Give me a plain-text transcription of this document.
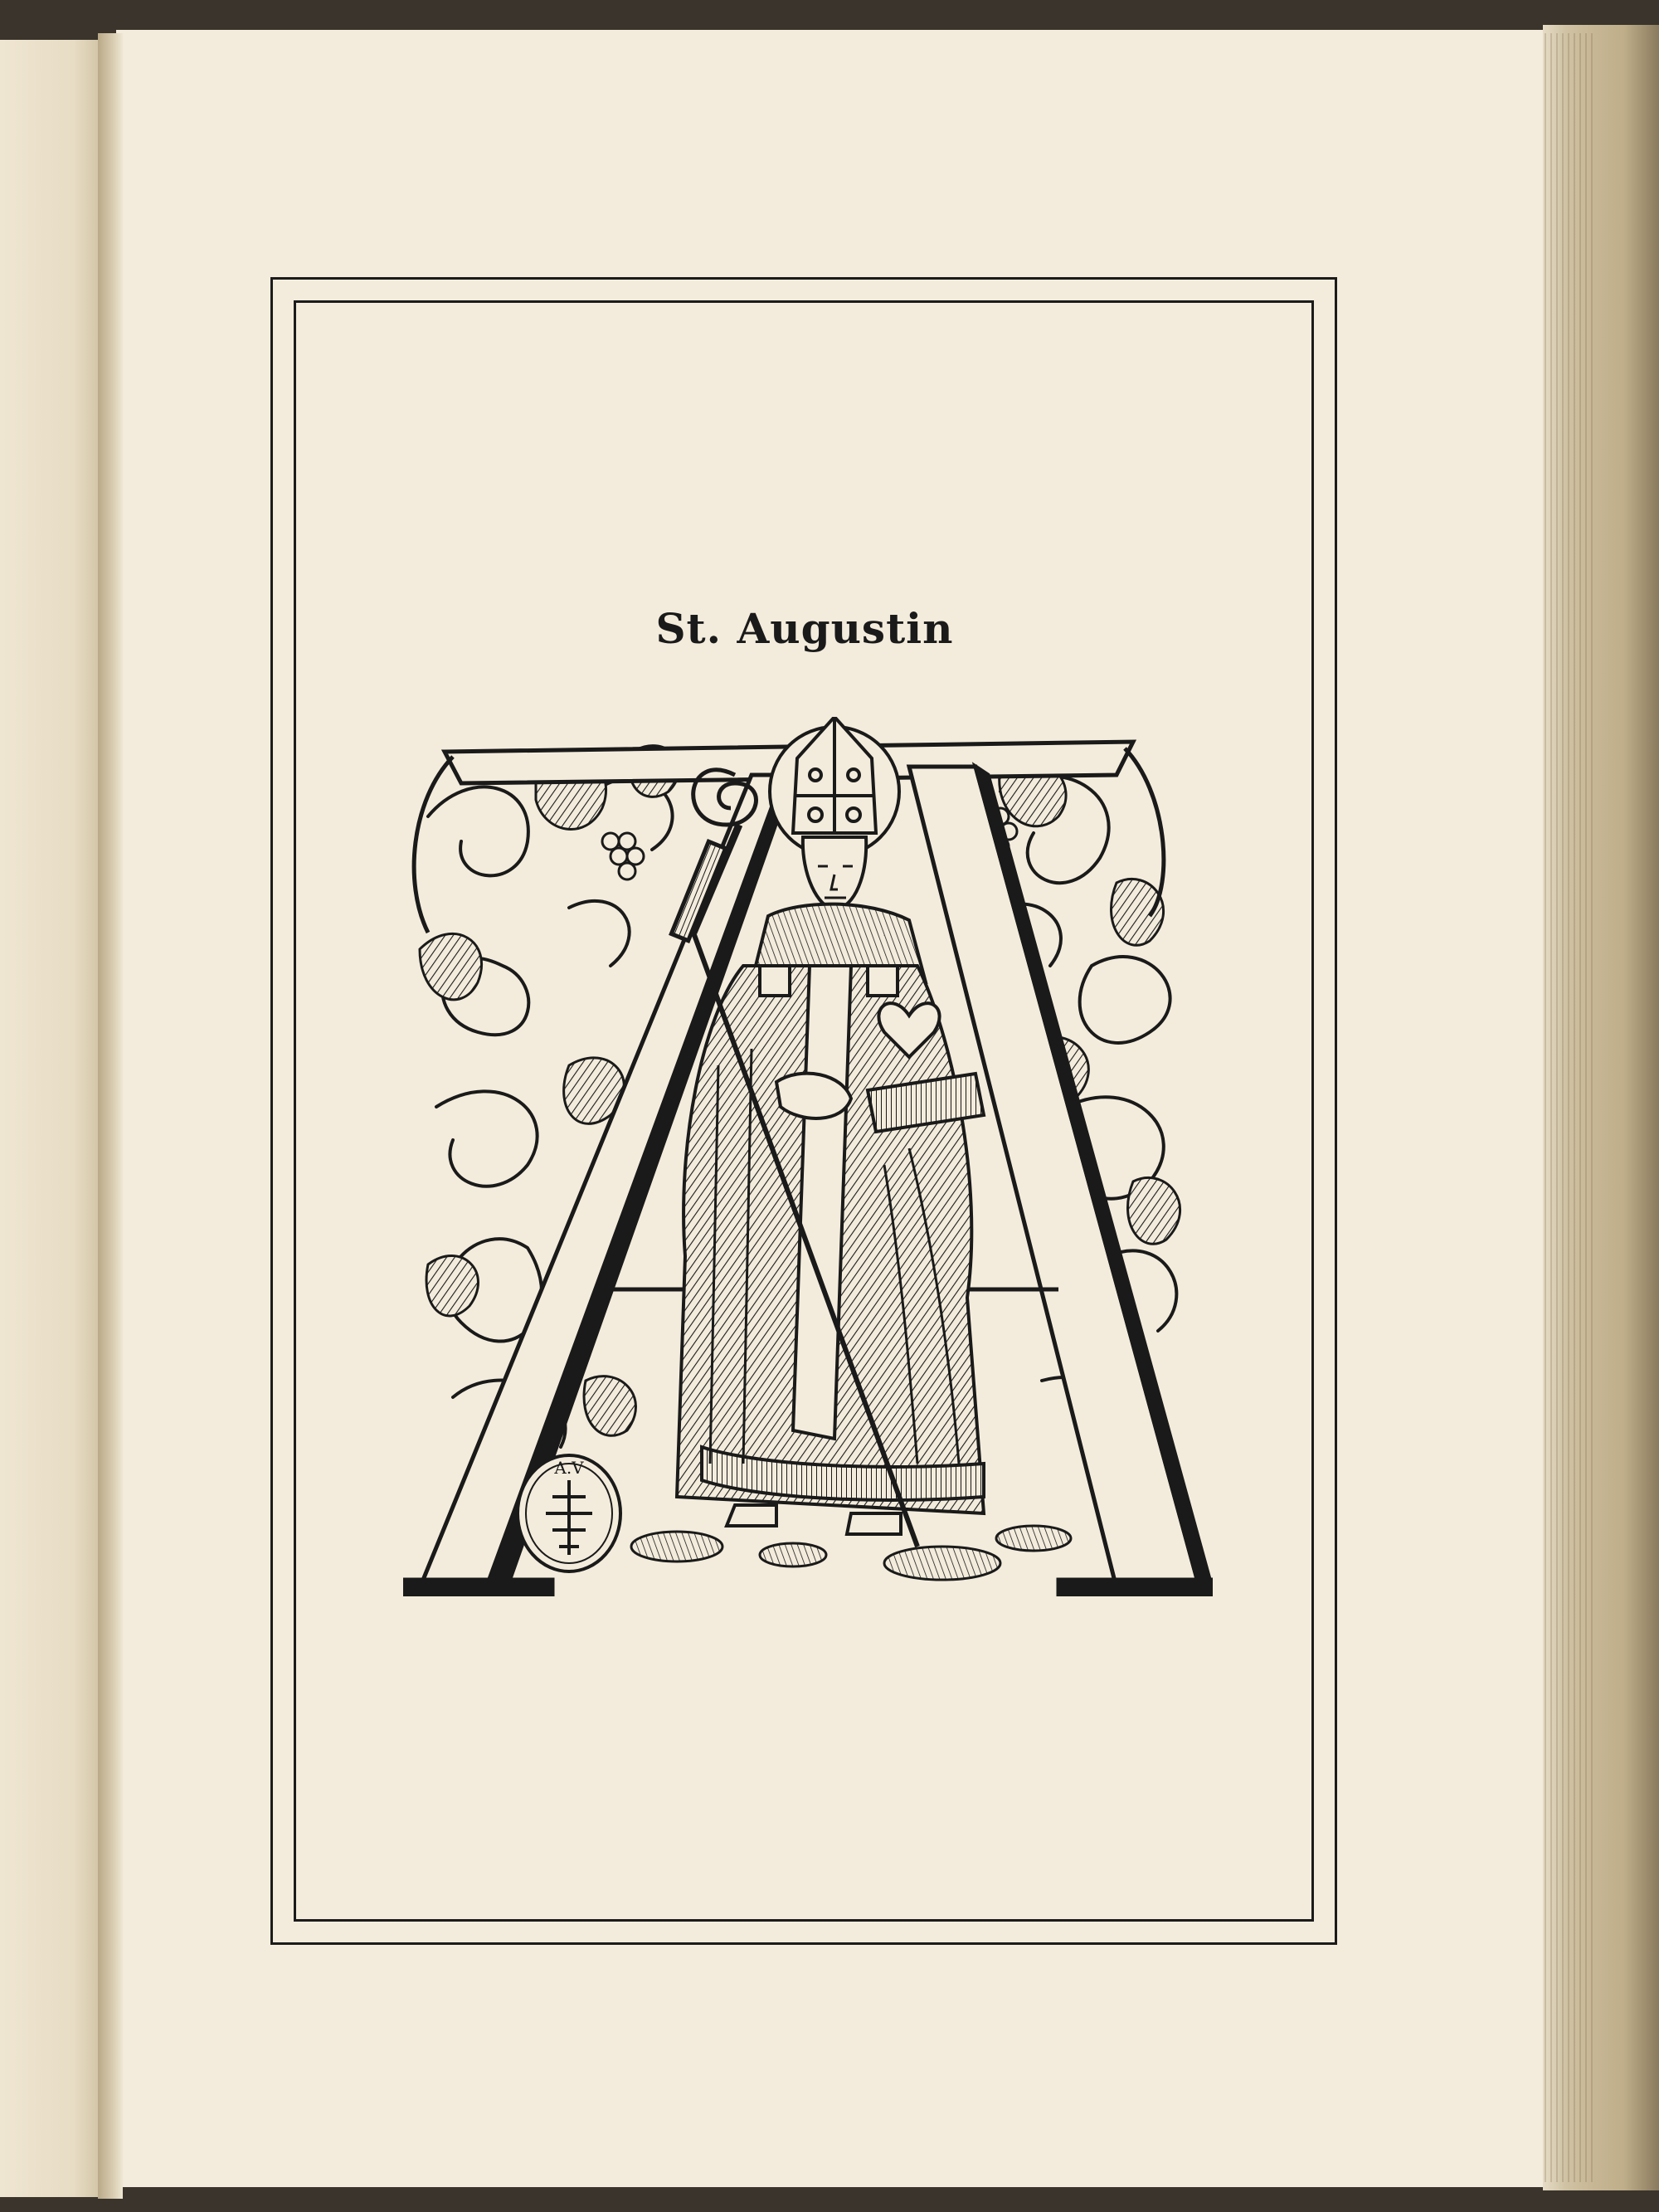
St. Augustin
A.V
